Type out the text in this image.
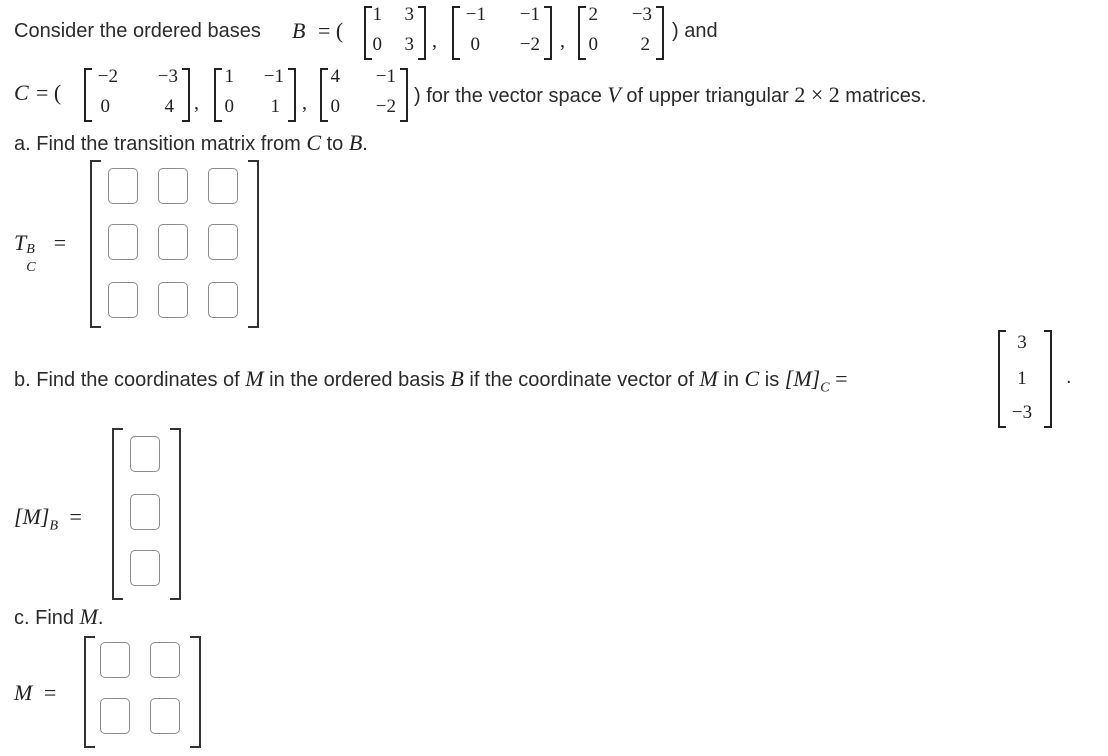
Consider the ordered bases B = (
1 3
0 3 ,
−1	−1
0	−2 ,
2	−3
0	2
) and
C = (
−2	−3
0	4 ,
1	−1
0	1 ,
4	−1
0	−2 ) for the vector space V of upper triangular 2 × 2 matrices.
a. Find the transition matrix from C to B.
T B
C
=
b. Find the coordinates of M in the ordered basis B if the coordinate vector of M in C is $[M]_C$ =
3
1
−3
.
$[M]_B$ =
c. Find M.
M =
